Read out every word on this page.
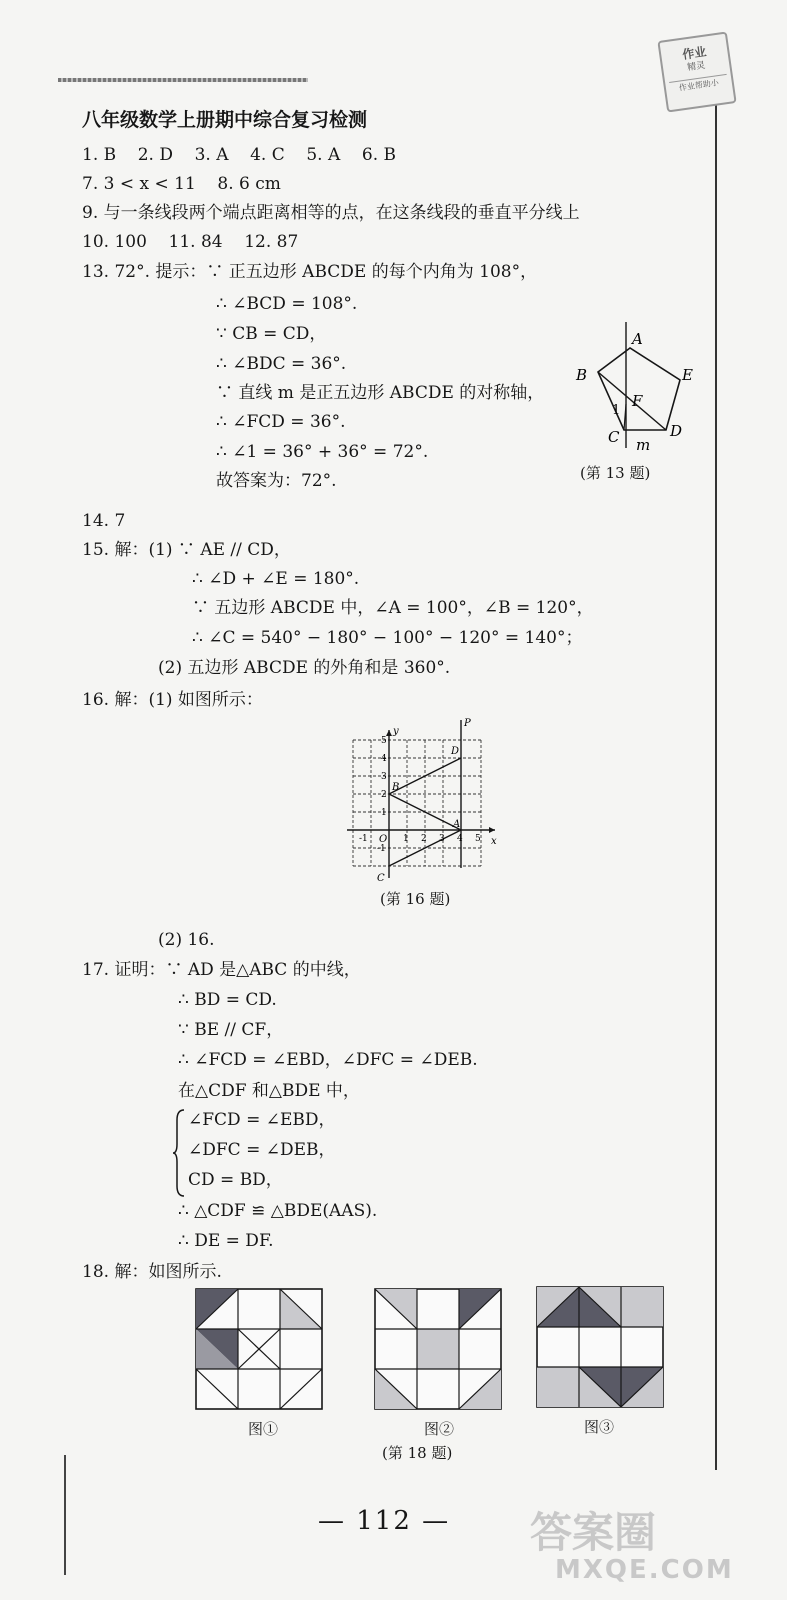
作业
精灵
作业帮助小
八年级数学上册期中综合复习检测
1. B    2. D    3. A    4. C    5. A    6. B
7. 3 < x < 11    8. 6 cm
9. 与一条线段两个端点距离相等的点，在这条线段的垂直平分线上
10. 100    11. 84    12. 87
13. 72°. 提示：∵ 正五边形 ABCDE 的每个内角为 108°，
∴ ∠BCD = 108°.
∵ CB = CD，
∴ ∠BDC = 36°.
∵ 直线 m 是正五边形 ABCDE 的对称轴，
∴ ∠FCD = 36°.
∴ ∠1 = 36° + 36° = 72°.
故答案为：72°.
A
B	E
C	D
F
m
1
(第 13 题)
14. 7
15. 解：(1) ∵ AE // CD，
∴ ∠D + ∠E = 180°.
∵ 五边形 ABCDE 中，∠A = 100°，∠B = 120°，
∴ ∠C = 540° − 180° − 100° − 120° = 140°；
(2) 五边形 ABCDE 的外角和是 360°.
16. 解：(1) 如图所示：
y
x
P
D
B
A
C
O
5
4
3
2
1
-1
-1	1 2 3 4 5
(第 16 题)
(2) 16.
17. 证明：∵ AD 是△ABC 的中线，
∴ BD = CD.
∵ BE // CF，
∴ ∠FCD = ∠EBD，∠DFC = ∠DEB.
在△CDF 和△BDE 中，
∠FCD = ∠EBD，
∠DFC = ∠DEB，
CD = BD，
∴ △CDF ≌ △BDE(AAS).
∴ DE = DF.
18. 解：如图所示.
图①	图②	图③
(第 18 题)
— 112 — 答案圈
MXQE.COM
